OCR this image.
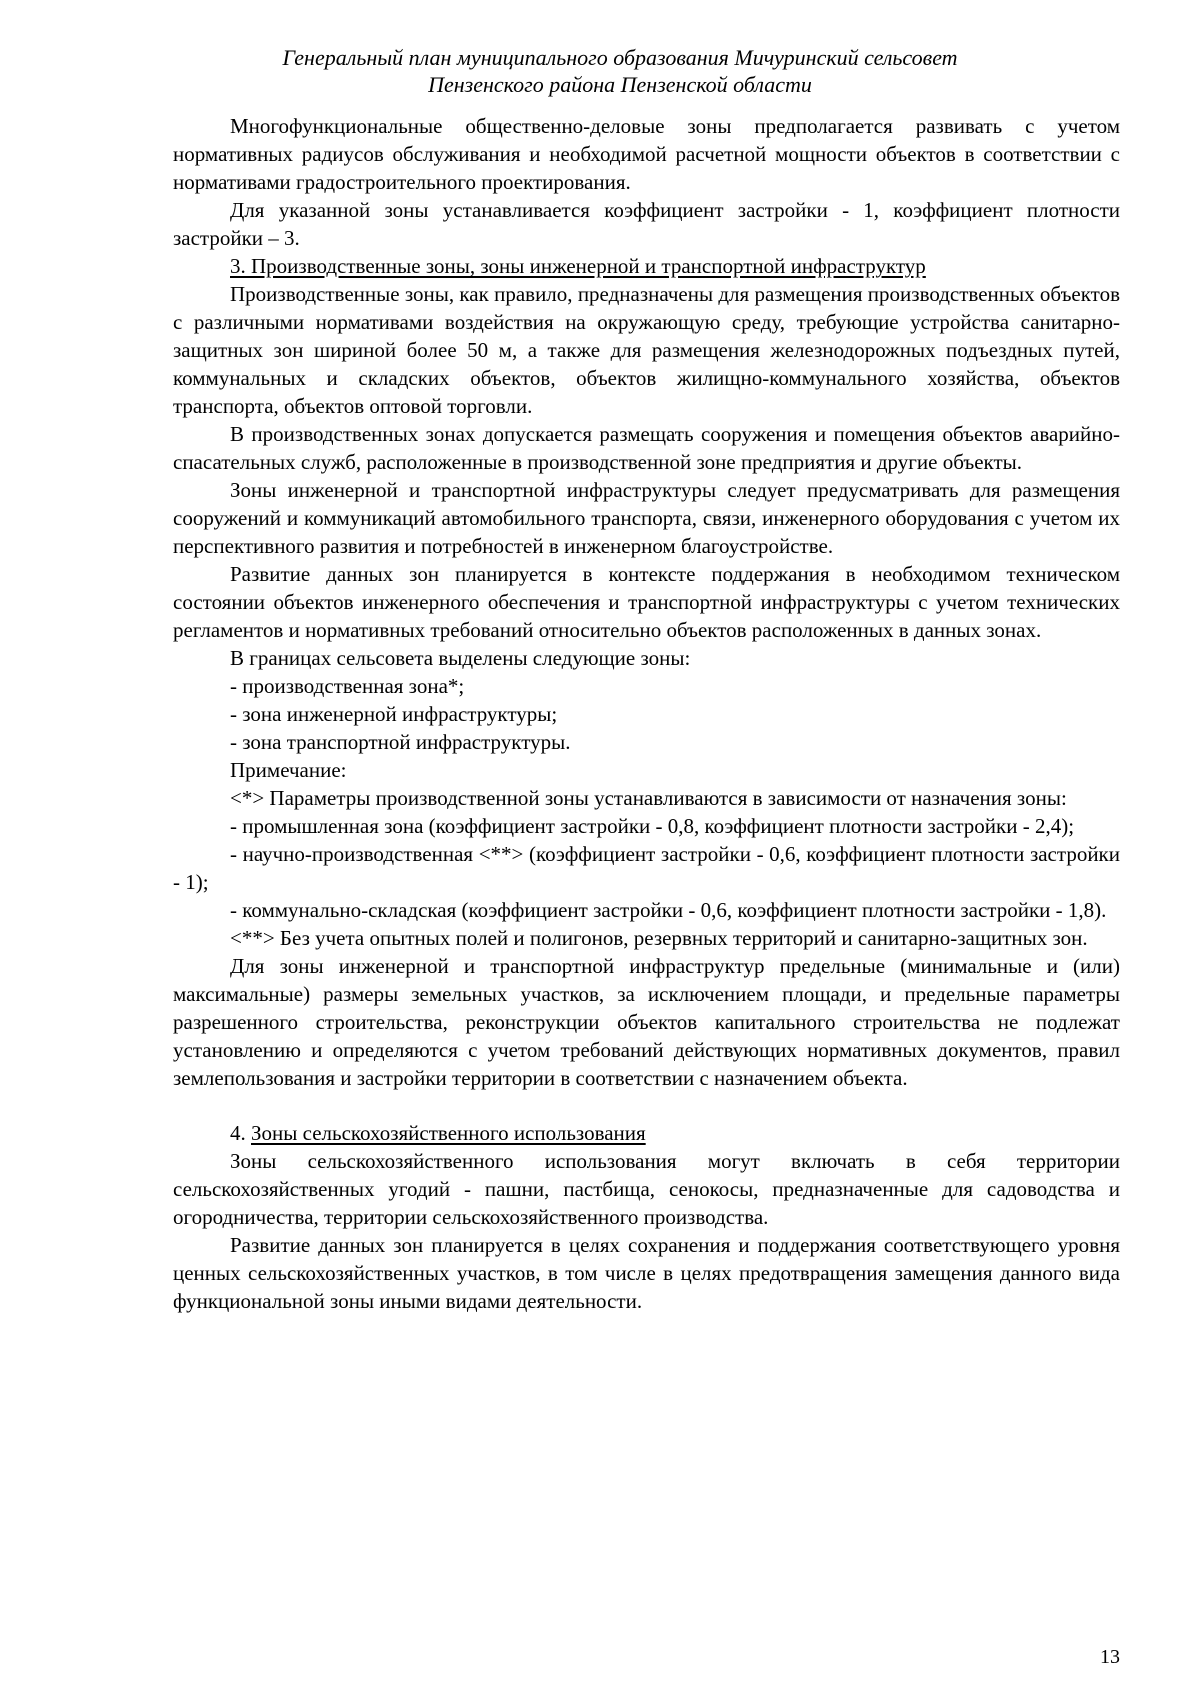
Генеральный план муниципального образования Мичуринский сельсовет
Пензенского района Пензенской области

Многофункциональные общественно-деловые зоны предполагается развивать с учетом нормативных радиусов обслуживания и необходимой расчетной мощности объектов в соответствии с нормативами градостроительного проектирования.

Для указанной зоны устанавливается коэффициент застройки - 1, коэффициент плотности застройки – 3.

3. Производственные зоны, зоны инженерной и транспортной инфраструктур

Производственные зоны, как правило, предназначены для размещения производственных объектов с различными нормативами воздействия на окружающую среду, требующие устройства санитарно-защитных зон шириной более 50 м, а также для размещения железнодорожных подъездных путей, коммунальных и складских объектов, объектов жилищно-коммунального хозяйства, объектов транспорта, объектов оптовой торговли.

В производственных зонах допускается размещать сооружения и помещения объектов аварийно-спасательных служб, расположенные в производственной зоне предприятия и другие объекты.

Зоны инженерной и транспортной инфраструктуры следует предусматривать для размещения сооружений и коммуникаций автомобильного транспорта, связи, инженерного оборудования с учетом их перспективного развития и потребностей в инженерном благоустройстве.

Развитие данных зон планируется в контексте поддержания в необходимом техническом состоянии объектов инженерного обеспечения и транспортной инфраструктуры с учетом технических регламентов и нормативных требований относительно объектов расположенных в данных зонах.

В границах сельсовета выделены следующие зоны:

- производственная зона*;

- зона инженерной инфраструктуры;

- зона транспортной инфраструктуры.

Примечание:

<*> Параметры производственной зоны устанавливаются в зависимости от назначения зоны:

- промышленная зона (коэффициент застройки - 0,8, коэффициент плотности застройки - 2,4);

- научно-производственная <**> (коэффициент застройки - 0,6, коэффициент плотности застройки - 1);

- коммунально-складская (коэффициент застройки - 0,6, коэффициент плотности застройки - 1,8).

<**> Без учета опытных полей и полигонов, резервных территорий и санитарно-защитных зон.

Для зоны инженерной и транспортной инфраструктур предельные (минимальные и (или) максимальные) размеры земельных участков, за исключением площади, и предельные параметры разрешенного строительства, реконструкции объектов капитального строительства не подлежат установлению и определяются с учетом требований действующих нормативных документов, правил землепользования и застройки территории в соответствии с назначением объекта.

4. Зоны сельскохозяйственного использования

Зоны сельскохозяйственного использования могут включать в себя территории сельскохозяйственных угодий - пашни, пастбища, сенокосы, предназначенные для садоводства и огородничества, территории сельскохозяйственного производства.

Развитие данных зон планируется в целях сохранения и поддержания соответствующего уровня ценных сельскохозяйственных участков, в том числе в целях предотвращения замещения данного вида функциональной зоны иными видами деятельности.

13
